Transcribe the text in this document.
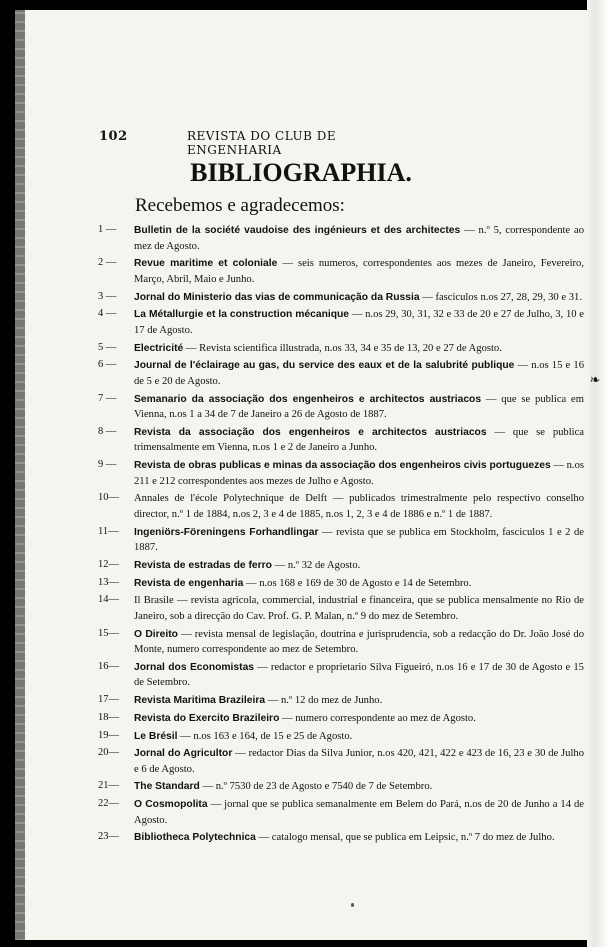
102	REVISTA DO CLUB DE ENGENHARIA
BIBLIOGRAPHIA.
Recebemos e agradecemos:
1 —	Bulletin de la société vaudoise des ingénieurs et des architectes — n.º 5, correspondente ao mez de Agosto.
2 —	Revue maritime et coloniale — seis numeros, correspondentes aos mezes de Janeiro, Fevereiro, Março, Abril, Maio e Junho.
3 —	Jornal do Ministerio das vias de communicação da Russia — fasciculos n.os 27, 28, 29, 30 e 31.
4 —	La Métallurgie et la construction mécanique — n.os 29, 30, 31, 32 e 33 de 20 e 27 de Julho, 3, 10 e 17 de Agosto.
5 —	Electricité — Revista scientifica illustrada, n.os 33, 34 e 35 de 13, 20 e 27 de Agosto.
6 —	Journal de l'éclairage au gas, du service des eaux et de la salubrité publique — n.os 15 e 16 de 5 e 20 de Agosto.
7 —	Semanario da associação dos engenheiros e architectos austriacos — que se publica em Vienna, n.os 1 a 34 de 7 de Janeiro a 26 de Agosto de 1887.
8 —	Revista da associação dos engenheiros e architectos austriacos — que se publica trimensalmente em Vienna, n.os 1 e 2 de Janeiro a Junho.
9 —	Revista de obras publicas e minas da associação dos engenheiros civis portuguezes — n.os 211 e 212 correspondentes aos mezes de Julho e Agosto.
10—	Annales de l'école Polytechnique de Delft — publicados trimestralmente pelo respectivo conselho director, n.º 1 de 1884, n.os 2, 3 e 4 de 1885, n.os 1, 2, 3 e 4 de 1886 e n.º 1 de 1887.
11—	Ingeniörs-Föreningens Forhandlingar — revista que se publica em Stockholm, fasciculos 1 e 2 de 1887.
12—	Revista de estradas de ferro — n.º 32 de Agosto.
13—	Revista de engenharia — n.os 168 e 169 de 30 de Agosto e 14 de Setembro.
14—	Il Brasile — revista agricola, commercial, industrial e financeira, que se publica mensalmente no Rio de Janeiro, sob a direcção do Cav. Prof. G. P. Malan, n.º 9 do mez de Setembro.
15—	O Direito — revista mensal de legislação, doutrina e jurisprudencia, sob a redacção do Dr. João José do Monte, numero correspondente ao mez de Setembro.
16—	Jornal dos Economistas — redactor e proprietario Silva Figueiró, n.os 16 e 17 de 30 de Agosto e 15 de Setembro.
17—	Revista Maritima Brazileira — n.º 12 do mez de Junho.
18—	Revista do Exercito Brazileiro — numero correspondente ao mez de Agosto.
19—	Le Brésil — n.os 163 e 164, de 15 e 25 de Agosto.
20—	Jornal do Agricultor — redactor Dias da Silva Junior, n.os 420, 421, 422 e 423 de 16, 23 e 30 de Julho e 6 de Agosto.
21—	The Standard — n.º 7530 de 23 de Agosto e 7540 de 7 de Setembro.
22—	O Cosmopolita — jornal que se publica semanalmente em Belem do Pará, n.os de 20 de Junho a 14 de Agosto.
23—	Bibliotheca Polytechnica — catalogo mensal, que se publica em Leipsic, n.º 7 do mez de Julho.
❧
